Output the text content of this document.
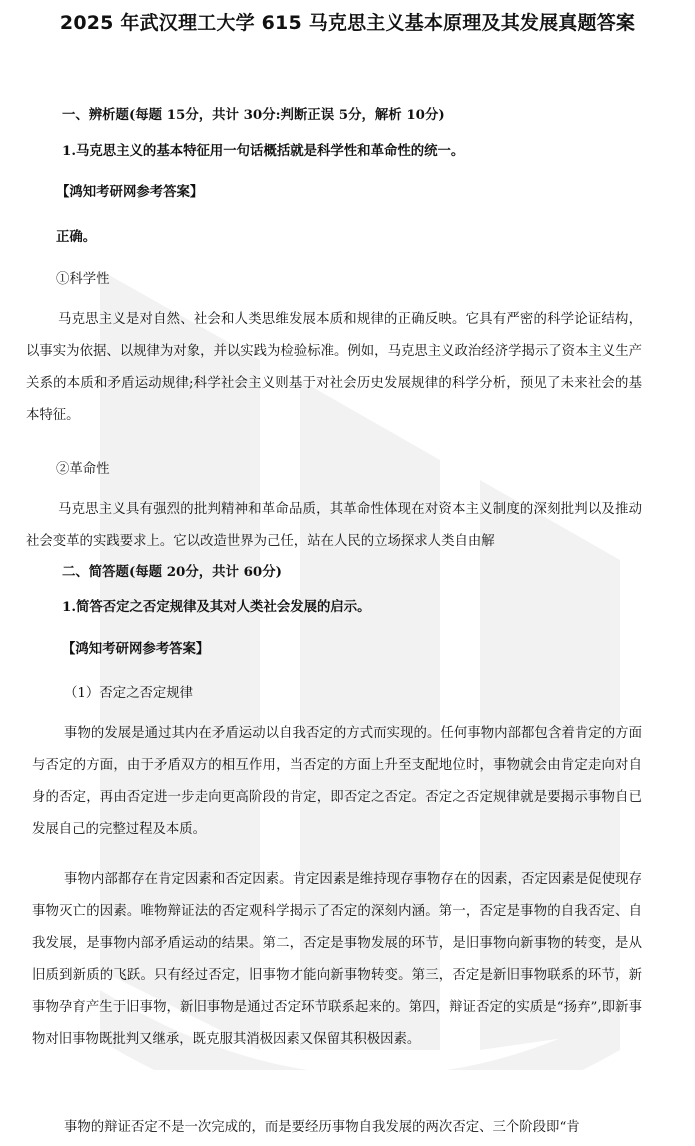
2025 年武汉理工大学 615 马克思主义基本原理及其发展真题答案
一、辨析题(每题 15分，共计 30分:判断正误 5分，解析 10分)
1.马克思主义的基本特征用一句话概括就是科学性和革命性的统一。
【鸿知考研网参考答案】
正确。
①科学性
马克思主义是对自然、社会和人类思维发展本质和规律的正确反映。它具有严密的科学论证结构，以事实为依据、以规律为对象，并以实践为检验标准。例如，马克思主义政治经济学揭示了资本主义生产关系的本质和矛盾运动规律;科学社会主义则基于对社会历史发展规律的科学分析，预见了未来社会的基本特征。
②革命性
马克思主义具有强烈的批判精神和革命品质，其革命性体现在对资本主义制度的深刻批判以及推动社会变革的实践要求上。它以改造世界为己任，站在人民的立场探求人类自由解
二、简答题(每题 20分，共计 60分)
1.简答否定之否定规律及其对人类社会发展的启示。
【鸿知考研网参考答案】
（1）否定之否定规律
事物的发展是通过其内在矛盾运动以自我否定的方式而实现的。任何事物内部都包含着肯定的方面与否定的方面，由于矛盾双方的相互作用，当否定的方面上升至支配地位时，事物就会由肯定走向对自身的否定，再由否定进一步走向更高阶段的肯定，即否定之否定。否定之否定规律就是要揭示事物自已发展自己的完整过程及本质。
事物内部都存在肯定因素和否定因素。肯定因素是维持现存事物存在的因素，否定因素是促使现存事物灭亡的因素。唯物辩证法的否定观科学揭示了否定的深刻内涵。第一，否定是事物的自我否定、自我发展，是事物内部矛盾运动的结果。第二，否定是事物发展的环节，是旧事物向新事物的转变，是从旧质到新质的飞跃。只有经过否定，旧事物才能向新事物转变。第三，否定是新旧事物联系的环节，新事物孕育产生于旧事物，新旧事物是通过否定环节联系起来的。第四，辩证否定的实质是“扬弃”,即新事物对旧事物既批判又继承，既克服其消极因素又保留其积极因素。
事物的辩证否定不是一次完成的，而是要经历事物自我发展的两次否定、三个阶段即“肯
